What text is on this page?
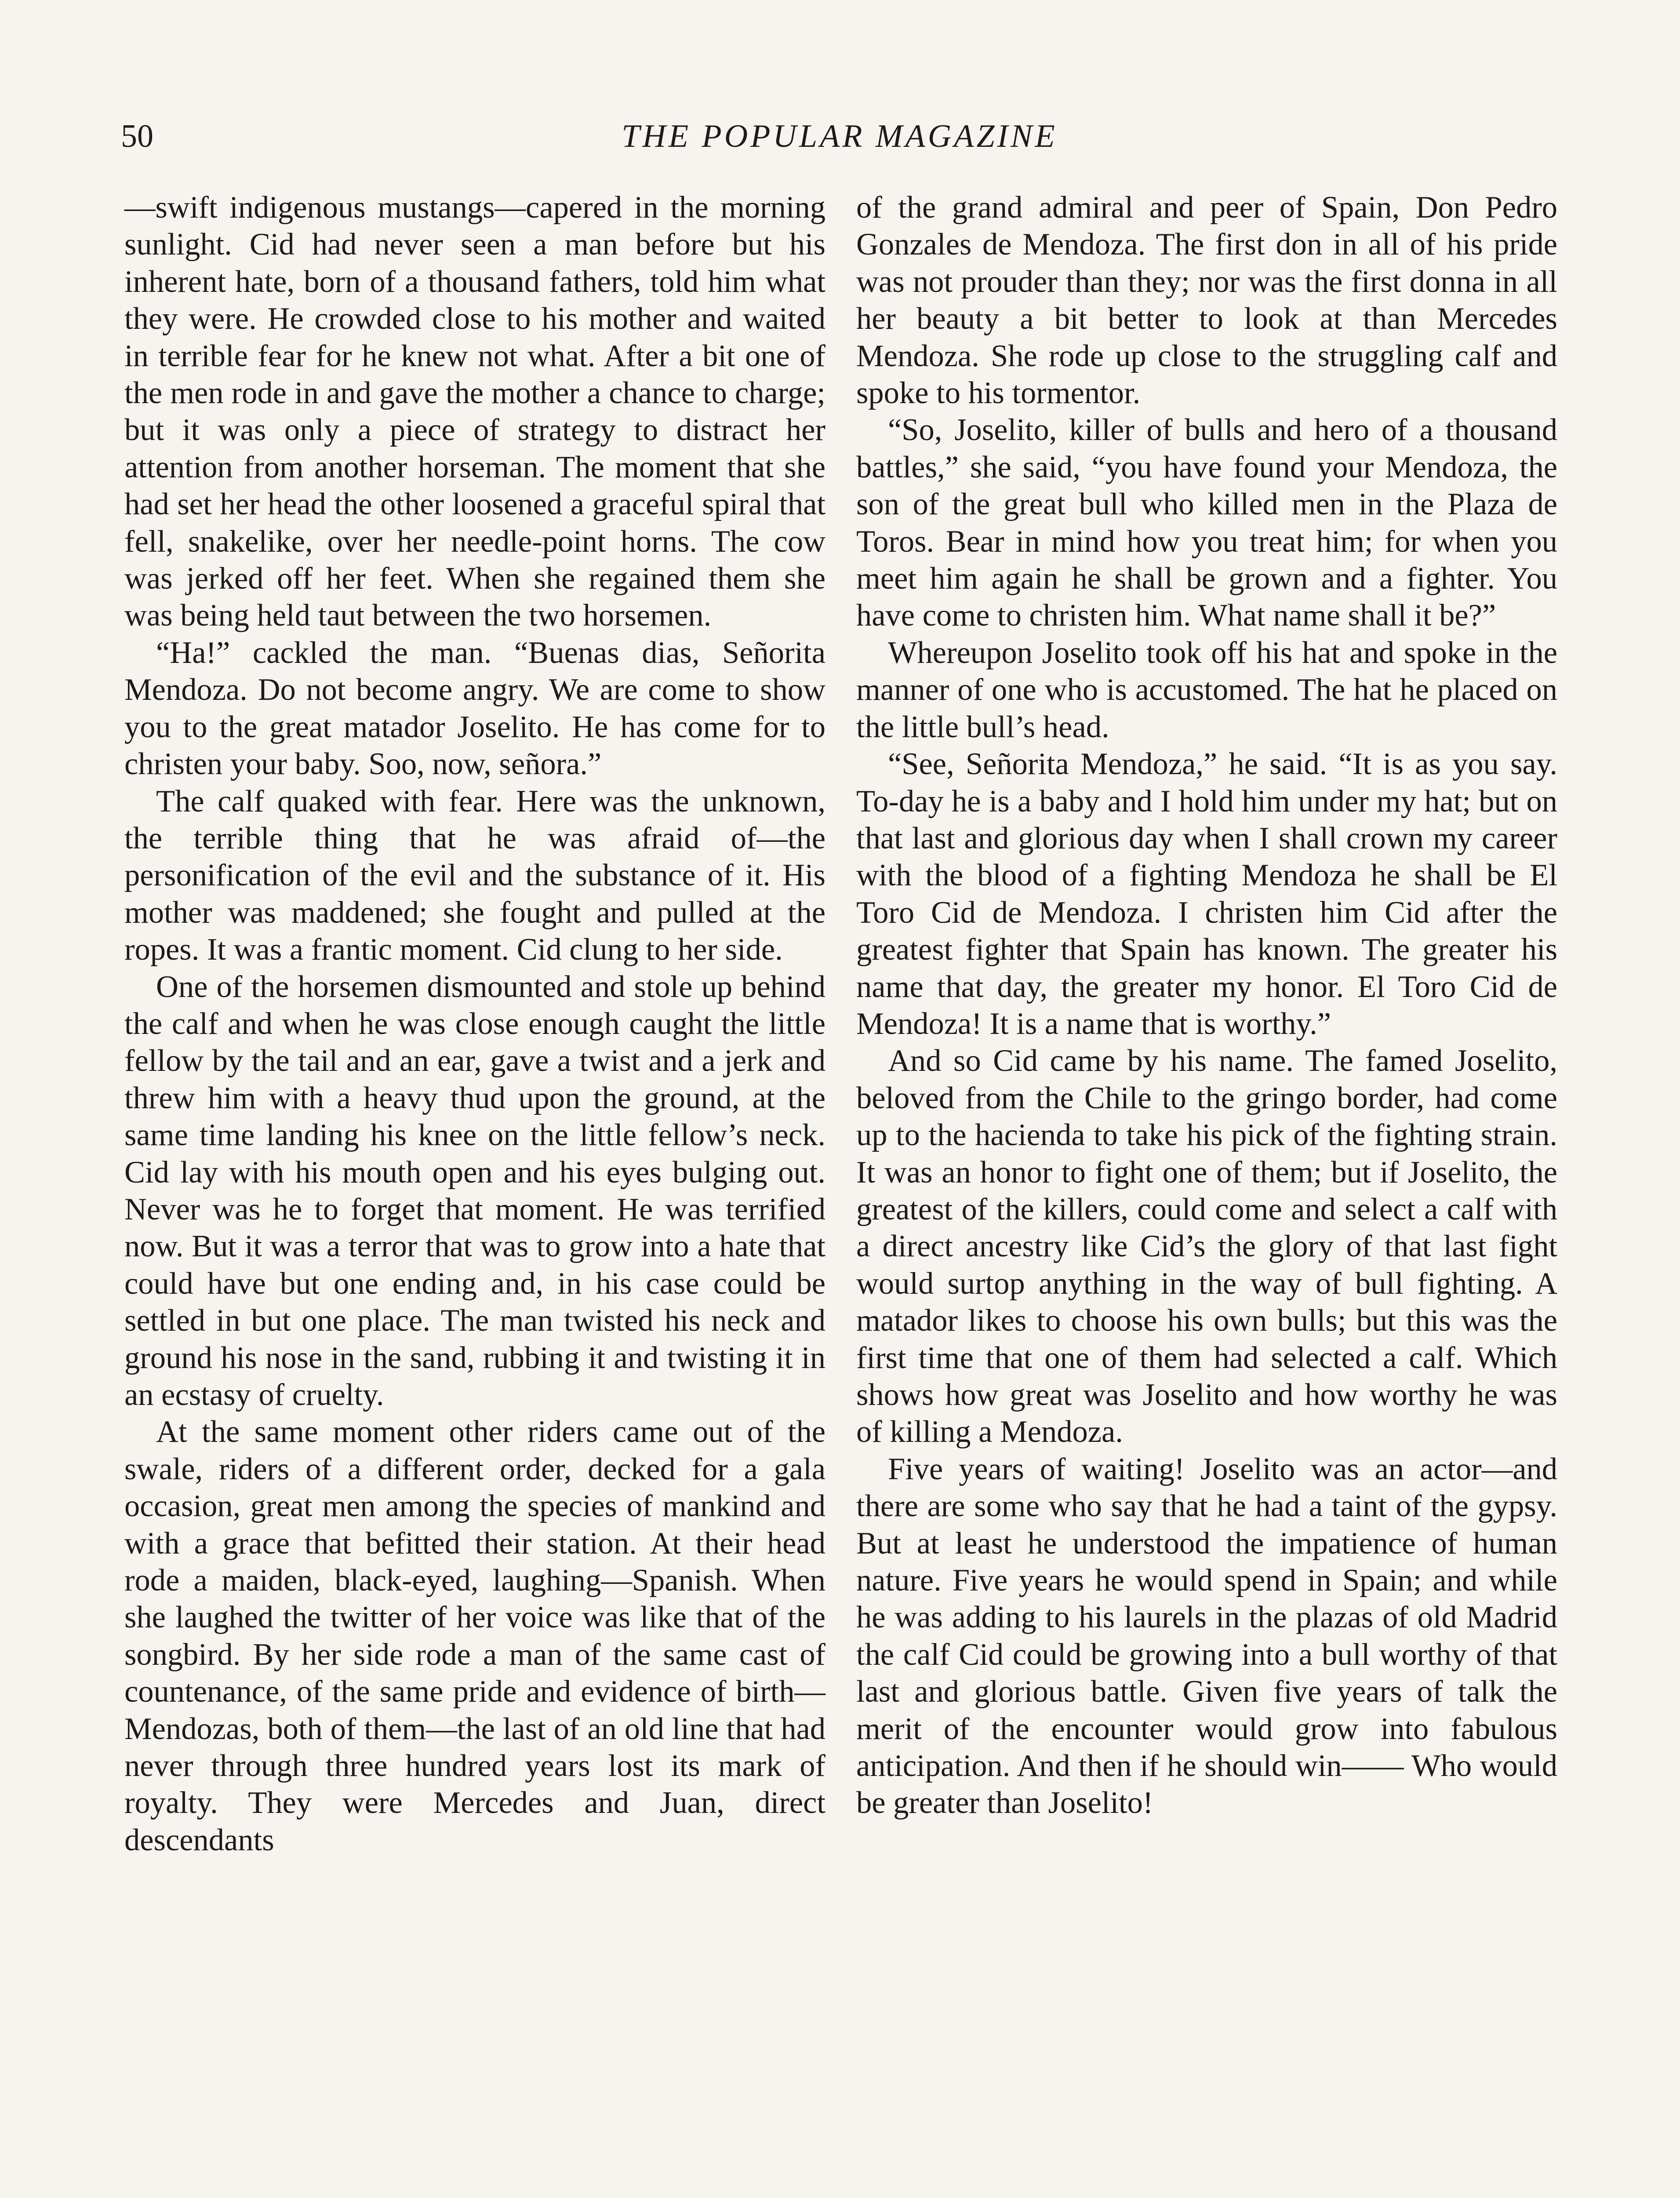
50	THE POPULAR MAGAZINE

—swift indigenous mustangs—capered in the morning sunlight. Cid had never seen a man before but his inherent hate, born of a thousand fathers, told him what they were. He crowded close to his mother and waited in terrible fear for he knew not what. After a bit one of the men rode in and gave the mother a chance to charge; but it was only a piece of strategy to distract her attention from another horseman. The moment that she had set her head the other loosened a graceful spiral that fell, snakelike, over her needle-point horns. The cow was jerked off her feet. When she regained them she was being held taut between the two horsemen.

“Ha!” cackled the man. “Buenas dias, Señorita Mendoza. Do not become angry. We are come to show you to the great matador Joselito. He has come for to christen your baby. Soo, now, señora.”

The calf quaked with fear. Here was the unknown, the terrible thing that he was afraid of—the personification of the evil and the substance of it. His mother was maddened; she fought and pulled at the ropes. It was a frantic moment. Cid clung to her side.

One of the horsemen dismounted and stole up behind the calf and when he was close enough caught the little fellow by the tail and an ear, gave a twist and a jerk and threw him with a heavy thud upon the ground, at the same time landing his knee on the little fellow’s neck. Cid lay with his mouth open and his eyes bulging out. Never was he to forget that moment. He was terrified now. But it was a terror that was to grow into a hate that could have but one ending and, in his case could be settled in but one place. The man twisted his neck and ground his nose in the sand, rubbing it and twisting it in an ecstasy of cruelty.

At the same moment other riders came out of the swale, riders of a different order, decked for a gala occasion, great men among the species of mankind and with a grace that befitted their station. At their head rode a maiden, black-eyed, laughing—Spanish. When she laughed the twitter of her voice was like that of the songbird. By her side rode a man of the same cast of countenance, of the same pride and evidence of birth—Mendozas, both of them—the last of an old line that had never through three hundred years lost its mark of royalty. They were Mercedes and Juan, direct descendants

of the grand admiral and peer of Spain, Don Pedro Gonzales de Mendoza. The first don in all of his pride was not prouder than they; nor was the first donna in all her beauty a bit better to look at than Mercedes Mendoza. She rode up close to the struggling calf and spoke to his tormentor.

“So, Joselito, killer of bulls and hero of a thousand battles,” she said, “you have found your Mendoza, the son of the great bull who killed men in the Plaza de Toros. Bear in mind how you treat him; for when you meet him again he shall be grown and a fighter. You have come to christen him. What name shall it be?”

Whereupon Joselito took off his hat and spoke in the manner of one who is accustomed. The hat he placed on the little bull’s head.

“See, Señorita Mendoza,” he said. “It is as you say. To-day he is a baby and I hold him under my hat; but on that last and glorious day when I shall crown my career with the blood of a fighting Mendoza he shall be El Toro Cid de Mendoza. I christen him Cid after the greatest fighter that Spain has known. The greater his name that day, the greater my honor. El Toro Cid de Mendoza! It is a name that is worthy.”

And so Cid came by his name. The famed Joselito, beloved from the Chile to the gringo border, had come up to the hacienda to take his pick of the fighting strain. It was an honor to fight one of them; but if Joselito, the greatest of the killers, could come and select a calf with a direct ancestry like Cid’s the glory of that last fight would surtop anything in the way of bull fighting. A matador likes to choose his own bulls; but this was the first time that one of them had selected a calf. Which shows how great was Joselito and how worthy he was of killing a Mendoza.

Five years of waiting! Joselito was an actor—and there are some who say that he had a taint of the gypsy. But at least he understood the impatience of human nature. Five years he would spend in Spain; and while he was adding to his laurels in the plazas of old Madrid the calf Cid could be growing into a bull worthy of that last and glorious battle. Given five years of talk the merit of the encounter would grow into fabulous anticipation. And then if he should win—— Who would be greater than Joselito!
